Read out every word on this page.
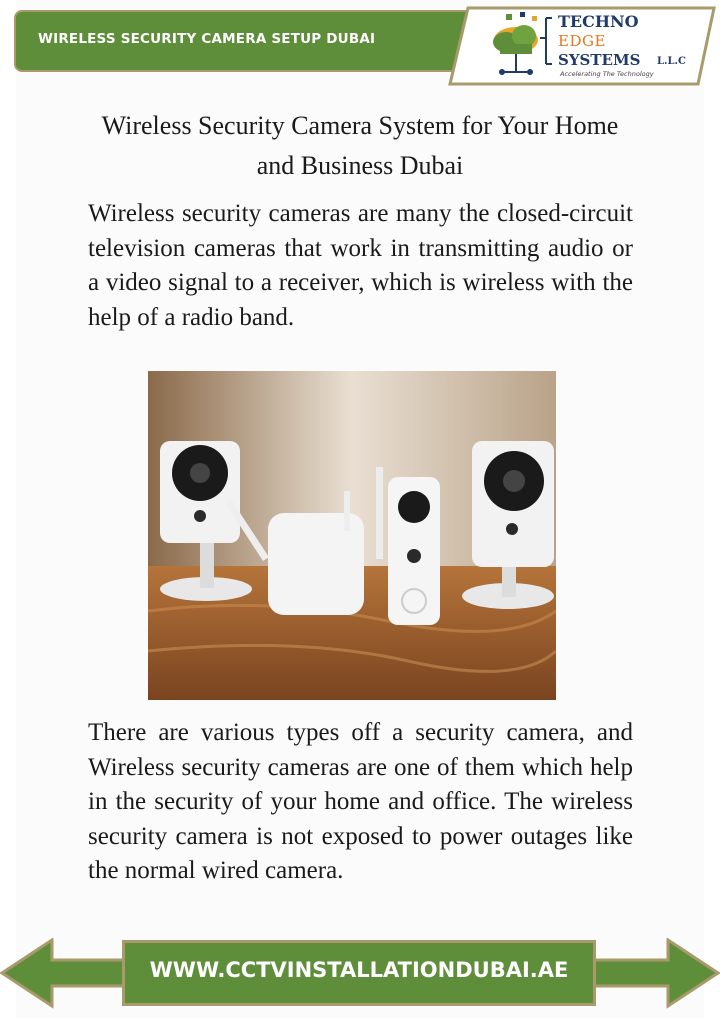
WIRELESS SECURITY CAMERA SETUP DUBAI
TECHNO
EDGE
SYSTEMS L.L.C
Accelerating The Technology
Wireless Security Camera System for Your Home and Business Dubai
Wireless security cameras are many the closed-circuit television cameras that work in transmitting audio or a video signal to a receiver, which is wireless with the help of a radio band.
There are various types off a security camera, and Wireless security cameras are one of them which help in the security of your home and office. The wireless security camera is not exposed to power outages like the normal wired camera.
WWW.CCTVINSTALLATIONDUBAI.AE
